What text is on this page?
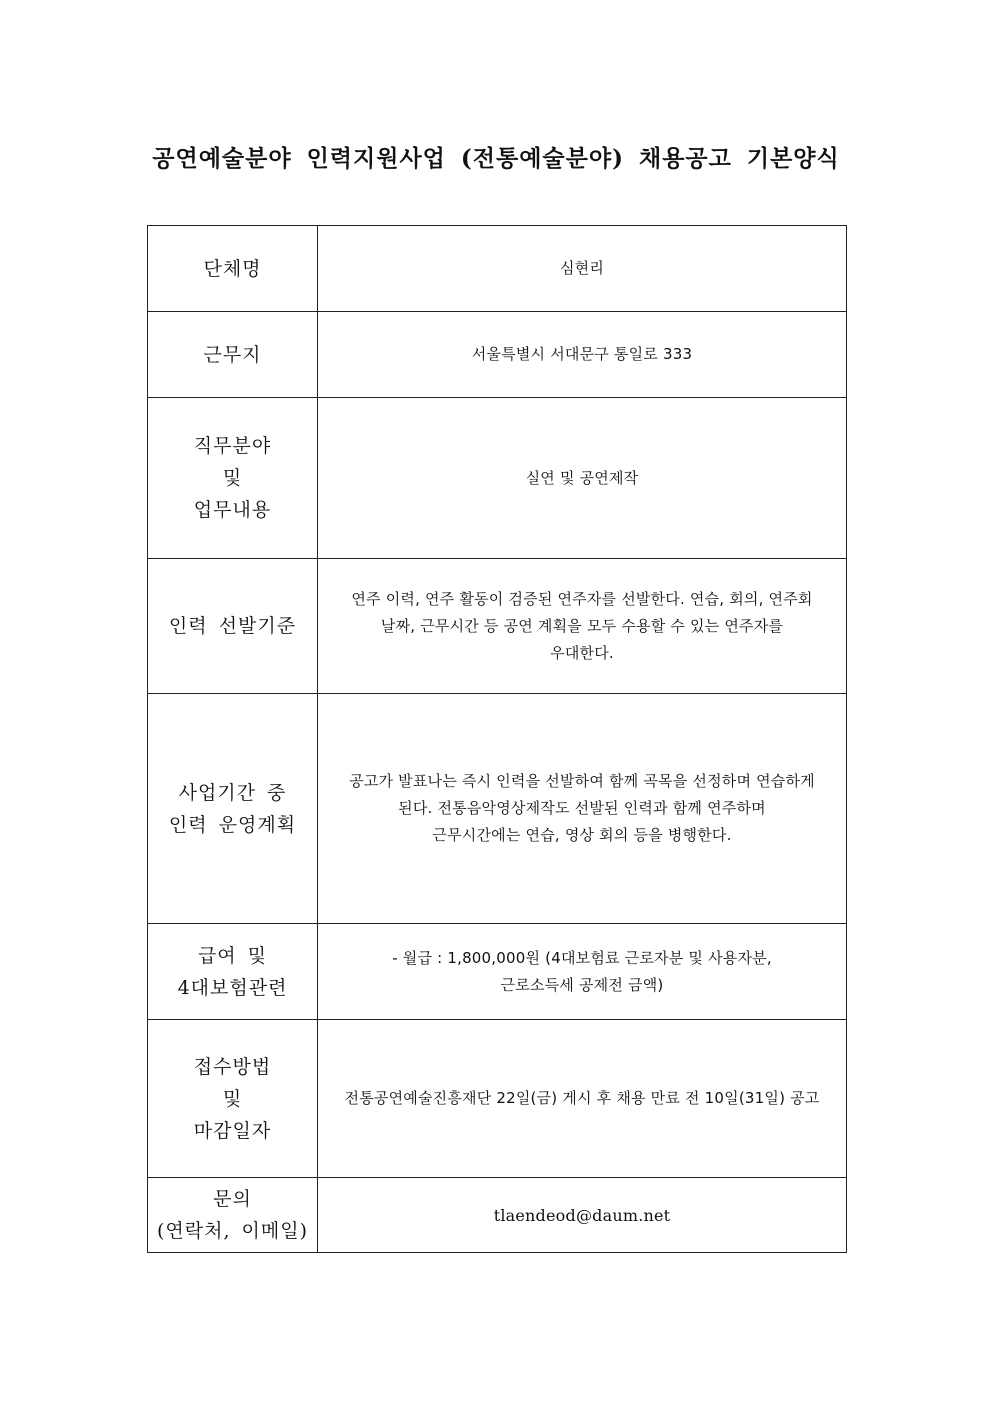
공연예술분야 인력지원사업 (전통예술분야) 채용공고 기본양식
단체명	심현리

근무지	서울특별시 서대문구 통일로 333

직무분야
및
업무내용	실연 및 공연제작

인력 선발기준	연주 이력, 연주 활동이 검증된 연주자를 선발한다. 연습, 회의, 연주회
날짜, 근무시간 등 공연 계획을 모두 수용할 수 있는 연주자를
우대한다.

사업기간 중
인력 운영계획	공고가 발표나는 즉시 인력을 선발하여 함께 곡목을 선정하며 연습하게
된다. 전통음악영상제작도 선발된 인력과 함께 연주하며
근무시간에는 연습, 영상 회의 등을 병행한다.

급여 및
4대보험관련	- 월급 : 1,800,000원 (4대보험료 근로자분 및 사용자분,
근로소득세 공제전 금액)

접수방법
및
마감일자	전통공연예술진흥재단 22일(금) 게시 후 채용 만료 전 10일(31일) 공고

문의
(연락처, 이메일)	tlaendeod@daum.net
